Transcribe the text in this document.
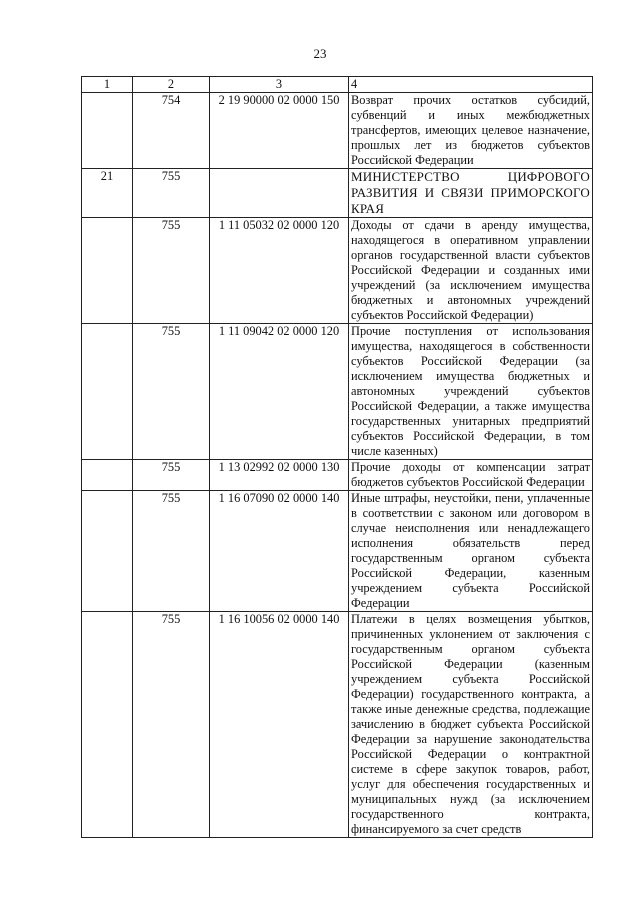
23
1	2	3	4
	754	2 19 90000 02 0000 150	Возврат прочих остатков субсидий, субвенций и иных межбюджетных трансфертов, имеющих целевое назначение, прошлых лет из бюджетов субъектов Российской Федерации
21	755		МИНИСТЕРСТВО ЦИФРОВОГО РАЗВИТИЯ И СВЯЗИ ПРИМОРСКОГО КРАЯ
	755	1 11 05032 02 0000 120	Доходы от сдачи в аренду имущества, находящегося в оперативном управлении органов государственной власти субъектов Российской Федерации и созданных ими учреждений (за исключением имущества бюджетных и автономных учреждений субъектов Российской Федерации)
	755	1 11 09042 02 0000 120	Прочие поступления от использования имущества, находящегося в собственности субъектов Российской Федерации (за исключением имущества бюджетных и автономных учреждений субъектов Российской Федерации, а также имущества государственных унитарных предприятий субъектов Российской Федерации, в том числе казенных)
	755	1 13 02992 02 0000 130	Прочие доходы от компенсации затрат бюджетов субъектов Российской Федерации
	755	1 16 07090 02 0000 140	Иные штрафы, неустойки, пени, уплаченные в соответствии с законом или договором в случае неисполнения или ненадлежащего исполнения обязательств перед государственным органом субъекта Российской Федерации, казенным учреждением субъекта Российской Федерации
	755	1 16 10056 02 0000 140	Платежи в целях возмещения убытков, причиненных уклонением от заключения с государственным органом субъекта Российской Федерации (казенным учреждением субъекта Российской Федерации) государственного контракта, а также иные денежные средства, подлежащие зачислению в бюджет субъекта Российской Федерации за нарушение законодательства Российской Федерации о контрактной системе в сфере закупок товаров, работ, услуг для обеспечения государственных и муниципальных нужд (за исключением государственного контракта, финансируемого за счет средств
